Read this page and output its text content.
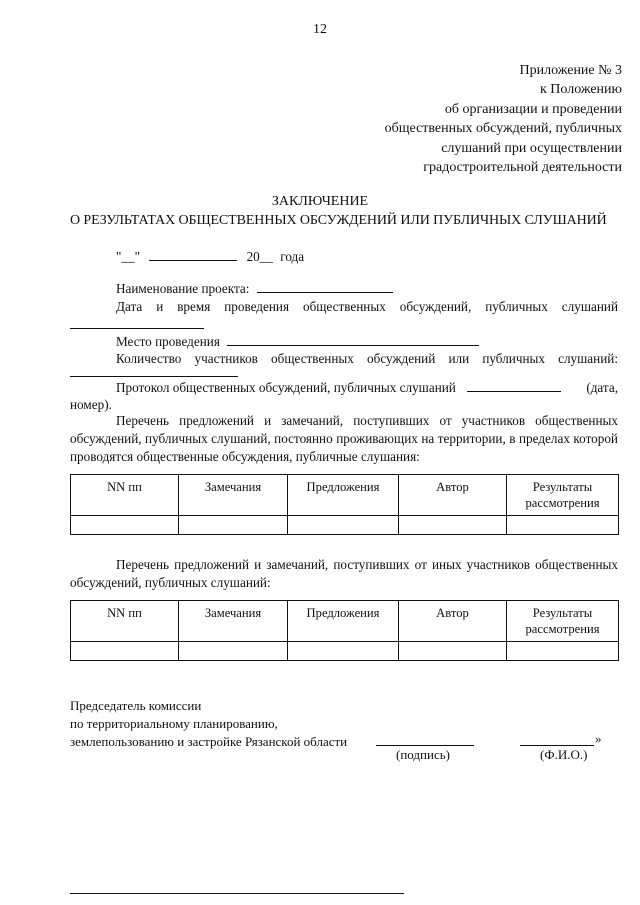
12
Приложение № 3
к Положению
об организации и проведении
общественных обсуждений, публичных
слушаний при осуществлении
градостроительной деятельности
ЗАКЛЮЧЕНИЕ
О РЕЗУЛЬТАТАХ ОБЩЕСТВЕННЫХ ОБСУЖДЕНИЙ ИЛИ ПУБЛИЧНЫХ СЛУШАНИЙ
"__"	20__ года
Наименование проекта:
Дата и время проведения общественных обсуждений, публичных слушаний
Место проведения
Количество участников общественных обсуждений или публичных слушаний:
Протокол общественных обсуждений, публичных слушаний	(дата,
номер).
Перечень предложений и замечаний, поступивших от участников общественных обсуждений, публичных слушаний, постоянно проживающих на территории, в пределах которой проводятся общественные обсуждения, публичные слушания:
NN пп	Замечания	Предложения	Автор	Результаты рассмотрения

Перечень предложений и замечаний, поступивших от иных участников общественных обсуждений, публичных слушаний:
NN пп	Замечания	Предложения	Автор	Результаты рассмотрения

Председатель комиссии
по территориальному планированию,
землепользованию и застройке Рязанской области	»
(подпись)	(Ф.И.О.)
